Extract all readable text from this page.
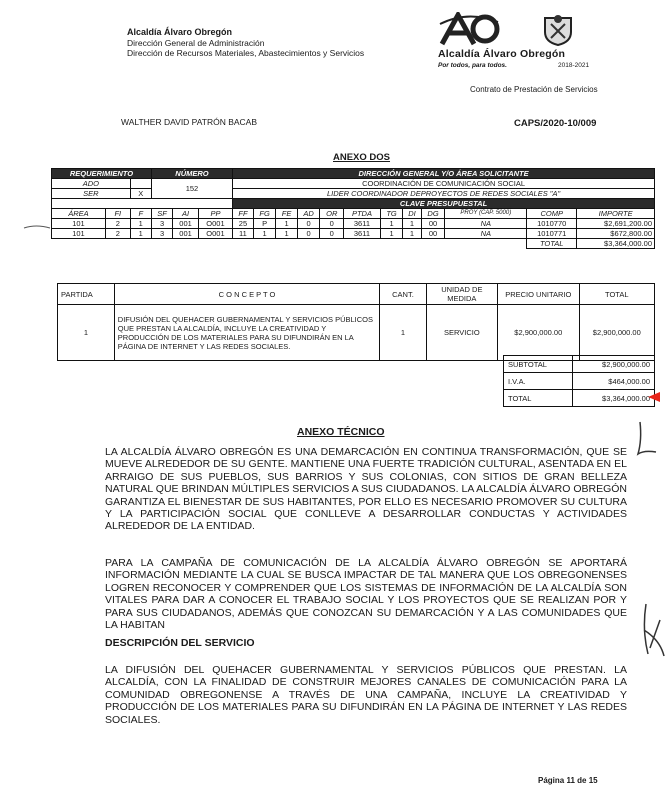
Alcaldía Álvaro Obregón
Dirección General de Administración
Dirección de Recursos Materiales, Abastecimientos y Servicios	Alcaldía Álvaro Obregón
Por todos, para todos.	2018-2021
Contrato de Prestación de Servicios
WALTHER DAVID PATRÓN BACAB	CAPS/2020-10/009
ANEXO DOS
REQUERIMIENTO			NÚMERO			DIRECCIÓN GENERAL Y/O ÁREA SOLICITANTE											
ADO			152			COORDINACIÓN DE COMUNICACIÓN SOCIAL											
SER		X				LIDER COORDINADOR DEPROYECTOS DE REDES SOCIALES "A"											
						CLAVE PRESUPUESTAL											
ÁREA	FI	F	SF	AI	PP	FF	FG	FE	AD	OR	PTDA	TG	DI	DG	PROY (CAP. 5000)	COMP	IMPORTE
101	2	1	3	001	O001	25	P	1	0	0	3611	1	1	00	NA	1010770	$2,691,200.00
101	2	1	3	001	O001	11	1	1	0	0	3611	1	1	00	NA	1010771	$672,800.00
																TOTAL	$3,364,000.00
PARTIDA	C O N C E P T O	CANT.	UNIDAD DE MEDIDA	PRECIO UNITARIO	TOTAL
1	DIFUSIÓN DEL QUEHACER GUBERNAMENTAL Y SERVICIOS PÚBLICOS QUE PRESTAN LA ALCALDÍA, INCLUYE LA CREATIVIDAD Y PRODUCCIÓN DE LOS MATERIALES PARA SU DIFUNDIRÁN EN LA PÁGINA DE INTERNET Y LAS REDES SOCIALES.	1	SERVICIO	$2,900,000.00	$2,900,000.00
SUBTOTAL	$2,900,000.00
I.V.A.	$464,000.00
TOTAL	$3,364,000.00
ANEXO TÉCNICO
LA ALCALDÍA ÁLVARO OBREGÓN ES UNA DEMARCACIÓN EN CONTINUA TRANSFORMACIÓN, QUE SE MUEVE ALREDEDOR DE SU GENTE. MANTIENE UNA FUERTE TRADICIÓN CULTURAL, ASENTADA EN EL ARRAIGO DE SUS PUEBLOS, SUS BARRIOS Y SUS COLONIAS, CON SITIOS DE GRAN BELLEZA NATURAL QUE BRINDAN MÚLTIPLES SERVICIOS A SUS CIUDADANOS. LA ALCALDÍA ÁLVARO OBREGÓN GARANTIZA EL BIENESTAR DE SUS HABITANTES, POR ELLO ES NECESARIO PROMOVER SU CULTURA Y LA PARTICIPACIÓN SOCIAL QUE CONLLEVE A DESARROLLAR CONDUCTAS Y ACTIVIDADES ALREDEDOR DE LA ENTIDAD.
PARA LA CAMPAÑA DE COMUNICACIÓN DE LA ALCALDÍA ÁLVARO OBREGÓN SE APORTARÁ INFORMACIÓN MEDIANTE LA CUAL SE BUSCA IMPACTAR DE TAL MANERA QUE LOS OBREGONENSES LOGREN RECONOCER Y COMPRENDER QUE LOS SISTEMAS DE INFORMACIÓN DE LA ALCALDÍA SON VITALES PARA DAR A CONOCER EL TRABAJO SOCIAL Y LOS PROYECTOS QUE SE REALIZAN POR Y PARA SUS CIUDADANOS, ADEMÁS QUE CONOZCAN SU DEMARCACIÓN Y A LAS COMUNIDADES QUE LA HABITAN
DESCRIPCIÓN DEL SERVICIO
LA DIFUSIÓN DEL QUEHACER GUBERNAMENTAL Y SERVICIOS PÚBLICOS QUE PRESTAN. LA ALCALDÍA, CON LA FINALIDAD DE CONSTRUIR MEJORES CANALES DE COMUNICACIÓN PARA LA COMUNIDAD OBREGONENSE A TRAVÉS DE UNA CAMPAÑA, INCLUYE LA CREATIVIDAD Y PRODUCCIÓN DE LOS MATERIALES PARA SU DIFUNDIRÁN EN LA PÁGINA DE INTERNET Y LAS REDES SOCIALES.
Página 11 de 15
